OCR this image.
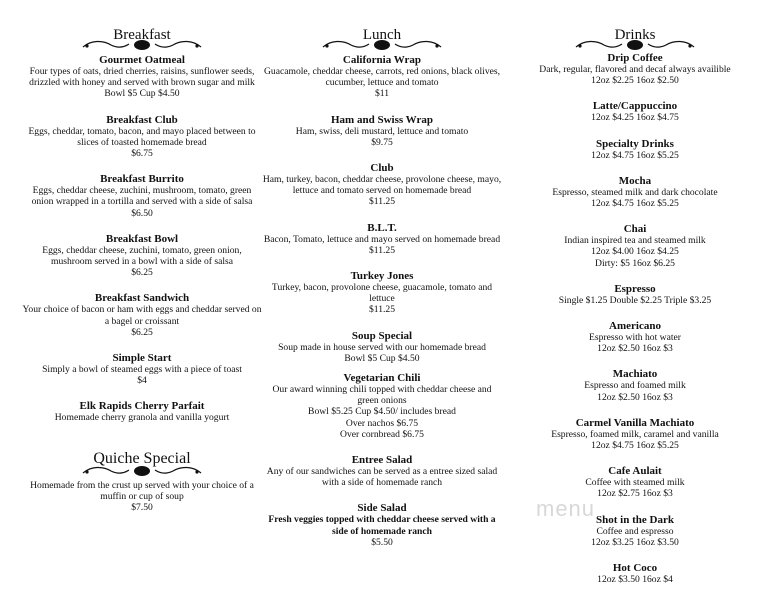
Breakfast
Gourmet Oatmeal
Four types of oats, dried cherries, raisins, sunflower seeds, drizzled with honey and served with brown sugar and milk
Bowl $5 Cup $4.50
Breakfast Club
Eggs, cheddar, tomato, bacon, and mayo placed between to slices of toasted homemade bread
$6.75
Breakfast Burrito
Eggs, cheddar cheese, zuchini, mushroom, tomato, green onion wrapped in a tortilla and served with a side of salsa
$6.50
Breakfast Bowl
Eggs, cheddar cheese, zuchini, tomato, green onion, mushroom served in a bowl with a side of salsa
$6.25
Breakfast Sandwich
Your choice of bacon or ham with eggs and cheddar served on a bagel or croissant
$6.25
Simple Start
Simply a bowl of steamed eggs with a piece of toast
$4
Elk Rapids Cherry Parfait
Homemade cherry granola and vanilla yogurt
Quiche Special
Homemade from the crust up served with your choice of a muffin or cup of soup
$7.50
Lunch
California Wrap
Guacamole, cheddar cheese, carrots, red onions, black olives, cucumber, lettuce and tomato
$11
Ham and Swiss Wrap
Ham, swiss, deli mustard, lettuce and tomato
$9.75
Club
Ham, turkey, bacon, cheddar cheese, provolone cheese, mayo, lettuce and tomato served on homemade bread
$11.25
B.L.T.
Bacon, Tomato, lettuce and mayo served on homemade bread
$11.25
Turkey Jones
Turkey, bacon, provolone cheese, guacamole, tomato and lettuce
$11.25
Soup Special
Soup made in house served with our homemade bread
Bowl $5 Cup $4.50
Vegetarian Chili
Our award winning chili topped with cheddar cheese and green onions
Bowl $5.25 Cup $4.50/ includes bread
Over nachos $6.75
Over cornbread $6.75
Entree Salad
Any of our sandwiches can be served as a entree sized salad with a side of homemade ranch
Side Salad
Fresh veggies topped with cheddar cheese served with a side of homemade ranch
$5.50
Drinks
Drip Coffee
Dark, regular, flavored and decaf always availible
12oz $2.25 16oz $2.50
Latte/Cappuccino
12oz $4.25 16oz $4.75
Specialty Drinks
12oz $4.75 16oz $5.25
Mocha
Espresso, steamed milk and dark chocolate
12oz $4.75 16oz $5.25
Chai
Indian inspired tea and steamed milk
12oz $4.00 16oz $4.25
Dirty: $5 16oz $6.25
Espresso
Single $1.25 Double $2.25 Triple $3.25
Americano
Espresso with hot water
12oz $2.50 16oz $3
Machiato
Espresso and foamed milk
12oz $2.50 16oz $3
Carmel Vanilla Machiato
Espresso, foamed milk, caramel and vanilla
12oz $4.75 16oz $5.25
Cafe Aulait
Coffee with steamed milk
12oz $2.75 16oz $3
Shot in the Dark
Coffee and espresso
12oz $3.25 16oz $3.50
Hot Coco
12oz $3.50 16oz $4
menu
